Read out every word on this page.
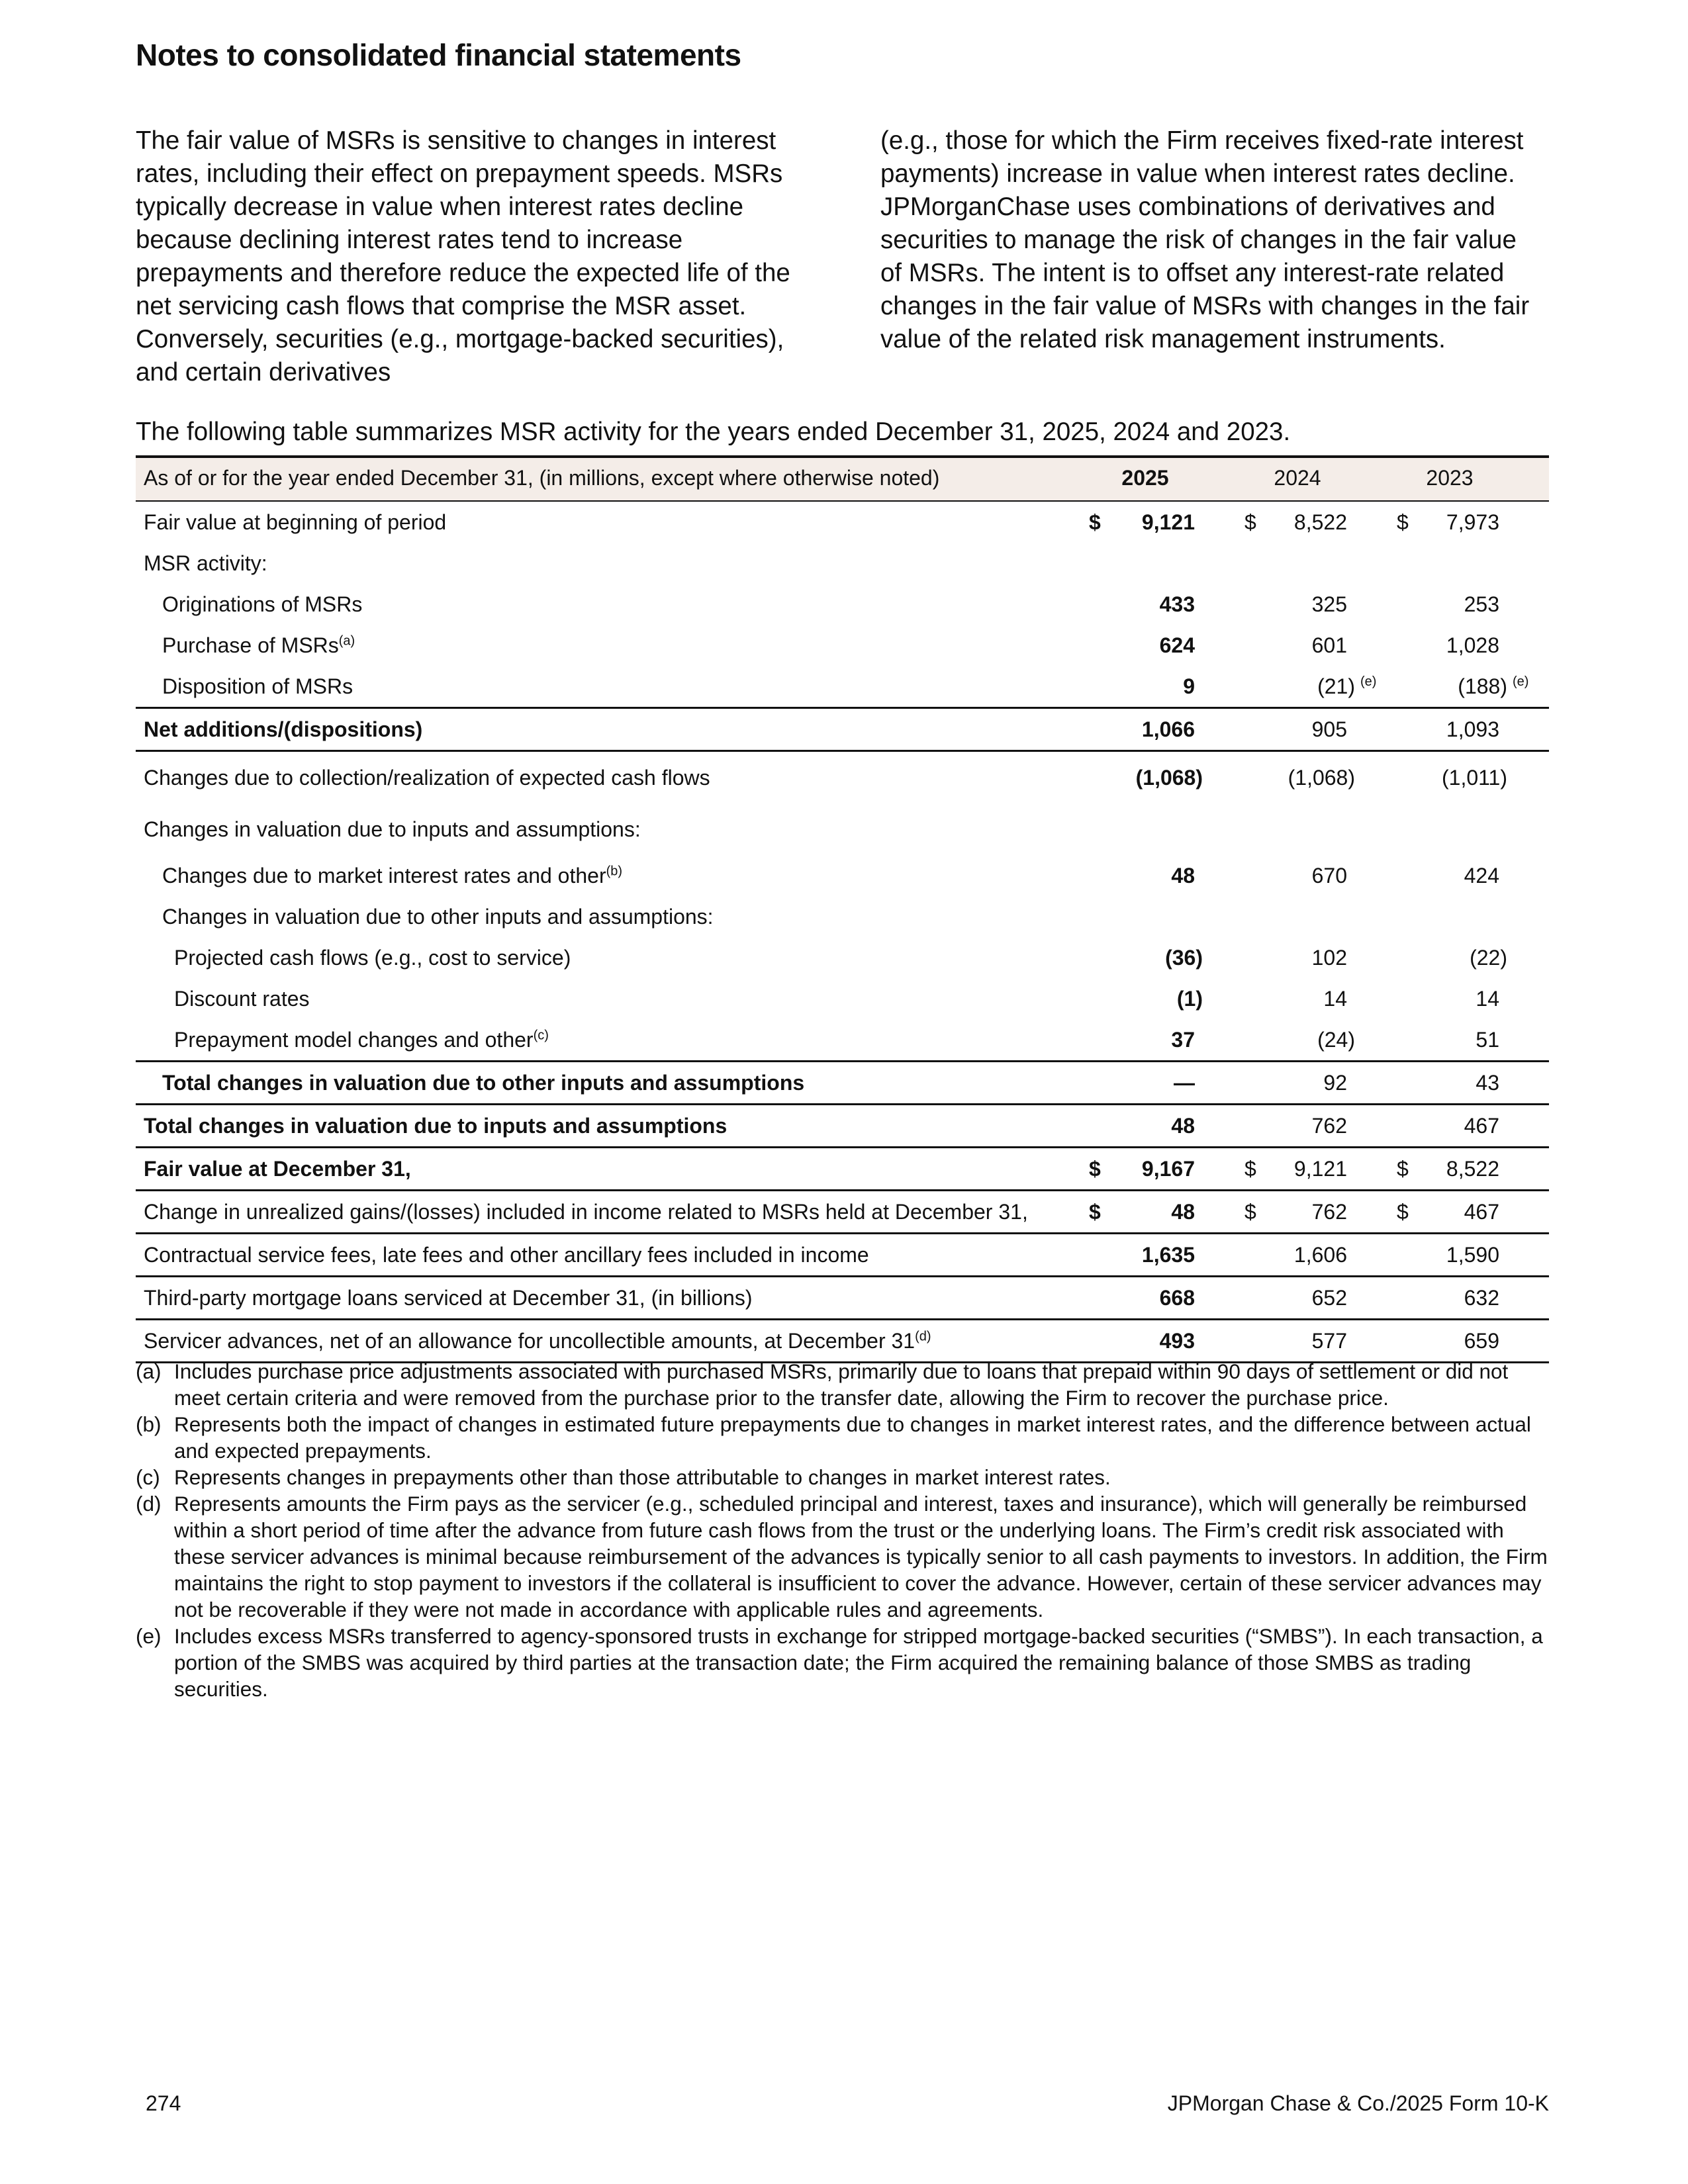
Notes to consolidated financial statements
The fair value of MSRs is sensitive to changes in interest rates, including their effect on prepayment speeds. MSRs typically decrease in value when interest rates decline because declining interest rates tend to increase prepayments and therefore reduce the expected life of the net servicing cash flows that comprise the MSR asset. Conversely, securities (e.g., mortgage-backed securities), and certain derivatives
(e.g., those for which the Firm receives fixed-rate interest payments) increase in value when interest rates decline. JPMorganChase uses combinations of derivatives and securities to manage the risk of changes in the fair value of MSRs. The intent is to offset any interest-rate related changes in the fair value of MSRs with changes in the fair value of the related risk management instruments.
The following table summarizes MSR activity for the years ended December 31, 2025, 2024 and 2023.
As of or for the year ended December 31, (in millions, except where otherwise noted)	2025	2024	2023
Fair value at beginning of period	$	9,121 $	8,522 $	7,973
MSR activity:
Originations of MSRs	433	325	253
Purchase of MSRs$^{(a)}$	624	601	1,028
Disposition of MSRs	9	(21) (e)	(188) (e)
Net additions/(dispositions)	1,066	905	1,093
Changes due to collection/realization of expected cash flows	(1,068)	(1,068)	(1,011)
Changes in valuation due to inputs and assumptions:
Changes due to market interest rates and other$^{(b)}$	48	670	424
Changes in valuation due to other inputs and assumptions:
Projected cash flows (e.g., cost to service)	(36)	102	(22)
Discount rates	(1)	14	14
Prepayment model changes and other$^{(c)}$	37	(24)	51
Total changes in valuation due to other inputs and assumptions	—	92	43
Total changes in valuation due to inputs and assumptions	48	762	467
Fair value at December 31,	$	9,167 $	9,121 $	8,522
Change in unrealized gains/(losses) included in income related to MSRs held at December 31,	$	48 $	762 $	467
Contractual service fees, late fees and other ancillary fees included in income	1,635	1,606	1,590
Third-party mortgage loans serviced at December 31, (in billions)	668	652	632
Servicer advances, net of an allowance for uncollectible amounts, at December 31$^{(d)}$	493	577	659
(a) Includes purchase price adjustments associated with purchased MSRs, primarily due to loans that prepaid within 90 days of settlement or did not meet certain criteria and were removed from the purchase prior to the transfer date, allowing the Firm to recover the purchase price.
(b) Represents both the impact of changes in estimated future prepayments due to changes in market interest rates, and the difference between actual and expected prepayments.
(c) Represents changes in prepayments other than those attributable to changes in market interest rates.
(d) Represents amounts the Firm pays as the servicer (e.g., scheduled principal and interest, taxes and insurance), which will generally be reimbursed within a short period of time after the advance from future cash flows from the trust or the underlying loans. The Firm’s credit risk associated with these servicer advances is minimal because reimbursement of the advances is typically senior to all cash payments to investors. In addition, the Firm maintains the right to stop payment to investors if the collateral is insufficient to cover the advance. However, certain of these servicer advances may not be recoverable if they were not made in accordance with applicable rules and agreements.
(e) Includes excess MSRs transferred to agency-sponsored trusts in exchange for stripped mortgage-backed securities (“SMBS”). In each transaction, a portion of the SMBS was acquired by third parties at the transaction date; the Firm acquired the remaining balance of those SMBS as trading securities.
274	JPMorgan Chase & Co./2025 Form 10-K
